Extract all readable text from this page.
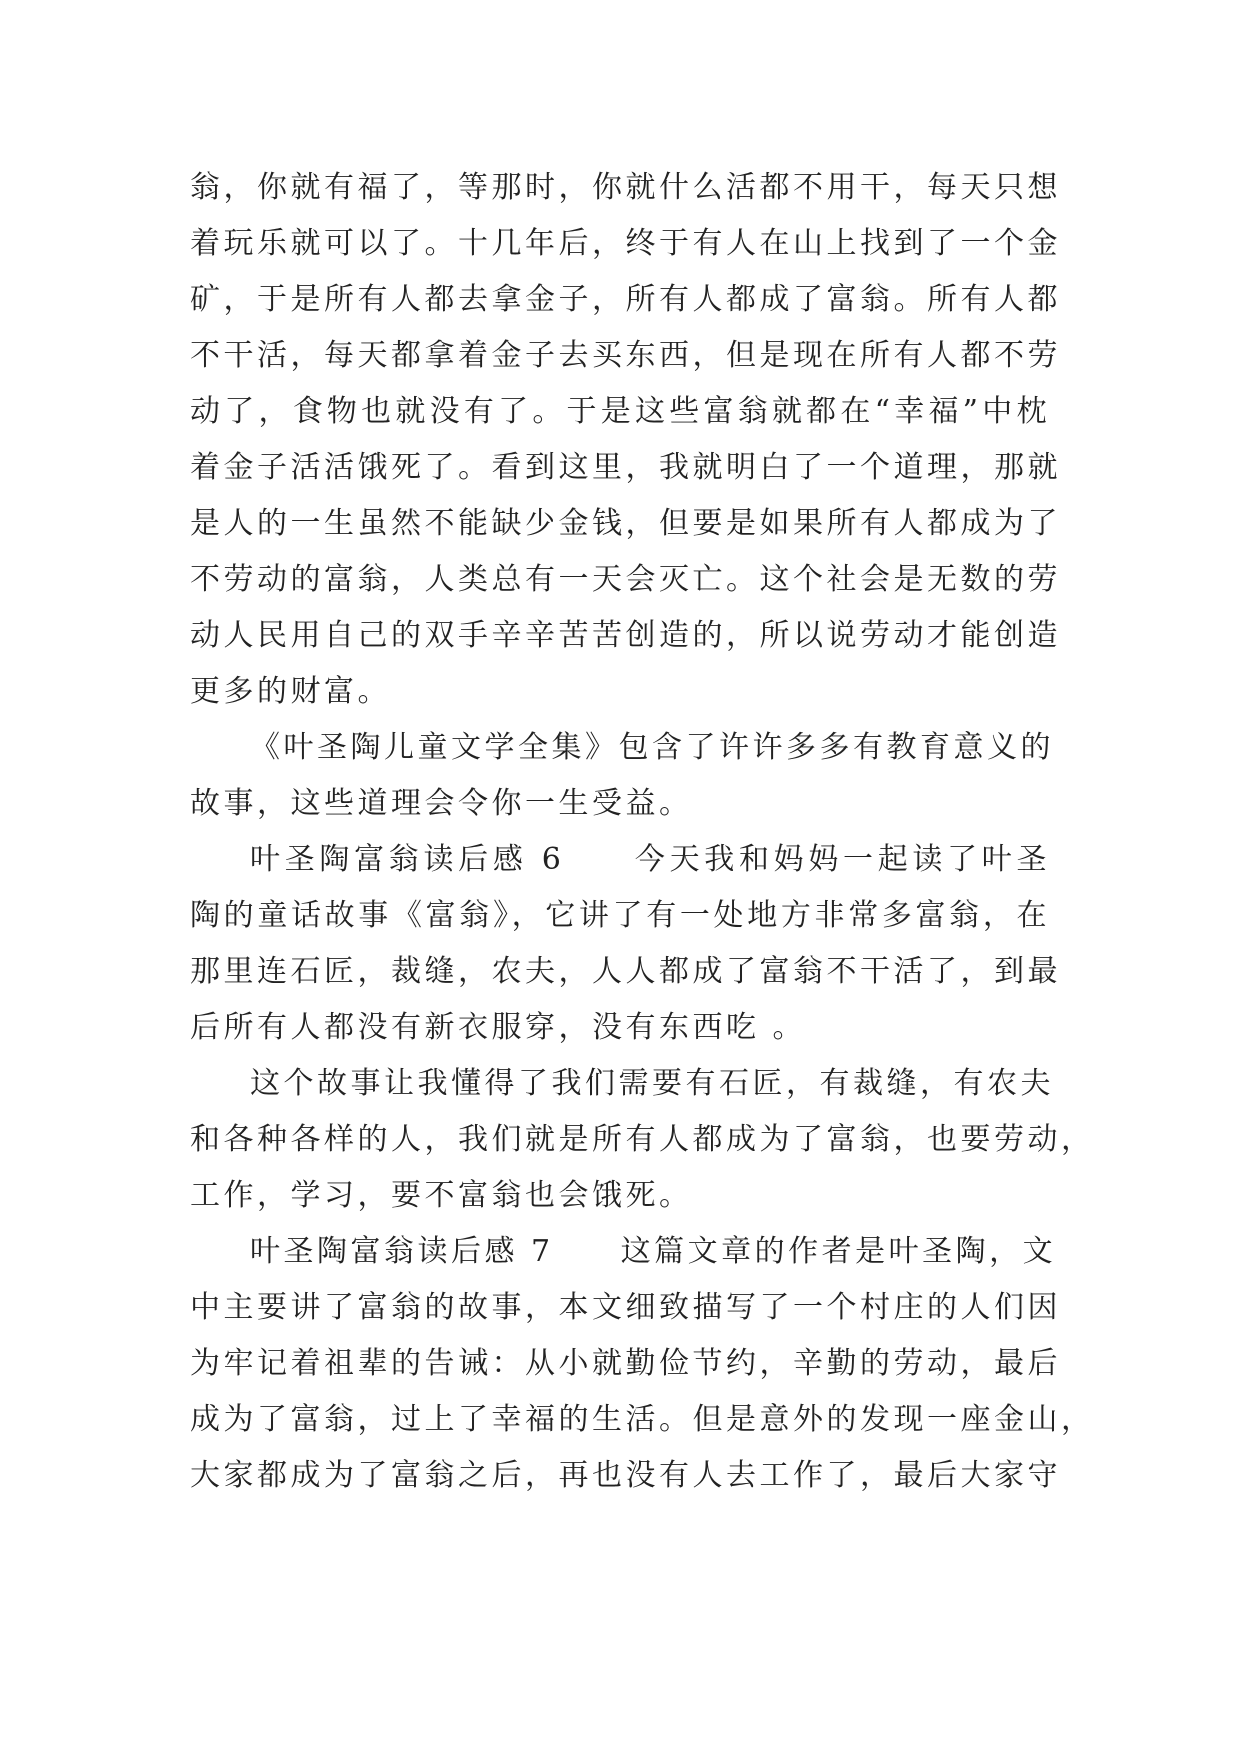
翁，你就有福了，等那时，你就什么活都不用干，每天只想
着玩乐就可以了。十几年后，终于有人在山上找到了一个金
矿，于是所有人都去拿金子，所有人都成了富翁。所有人都
不干活，每天都拿着金子去买东西，但是现在所有人都不劳
动了，食物也就没有了。于是这些富翁就都在“幸福”中枕
着金子活活饿死了。看到这里，我就明白了一个道理，那就
是人的一生虽然不能缺少金钱，但要是如果所有人都成为了
不劳动的富翁，人类总有一天会灭亡。这个社会是无数的劳
动人民用自己的双手辛辛苦苦创造的，所以说劳动才能创造
更多的财富。
《叶圣陶儿童文学全集》包含了许许多多有教育意义的
故事，这些道理会令你一生受益。
叶圣陶富翁读后感 6　　今天我和妈妈一起读了叶圣
陶的童话故事《富翁》，它讲了有一处地方非常多富翁，在
那里连石匠，裁缝，农夫，人人都成了富翁不干活了，到最
后所有人都没有新衣服穿，没有东西吃 。
这个故事让我懂得了我们需要有石匠，有裁缝，有农夫
和各种各样的人，我们就是所有人都成为了富翁，也要劳动，
工作，学习，要不富翁也会饿死。
叶圣陶富翁读后感 7　　这篇文章的作者是叶圣陶，文
中主要讲了富翁的故事，本文细致描写了一个村庄的人们因
为牢记着祖辈的告诫：从小就勤俭节约，辛勤的劳动，最后
成为了富翁，过上了幸福的生活。但是意外的发现一座金山，
大家都成为了富翁之后，再也没有人去工作了，最后大家守
